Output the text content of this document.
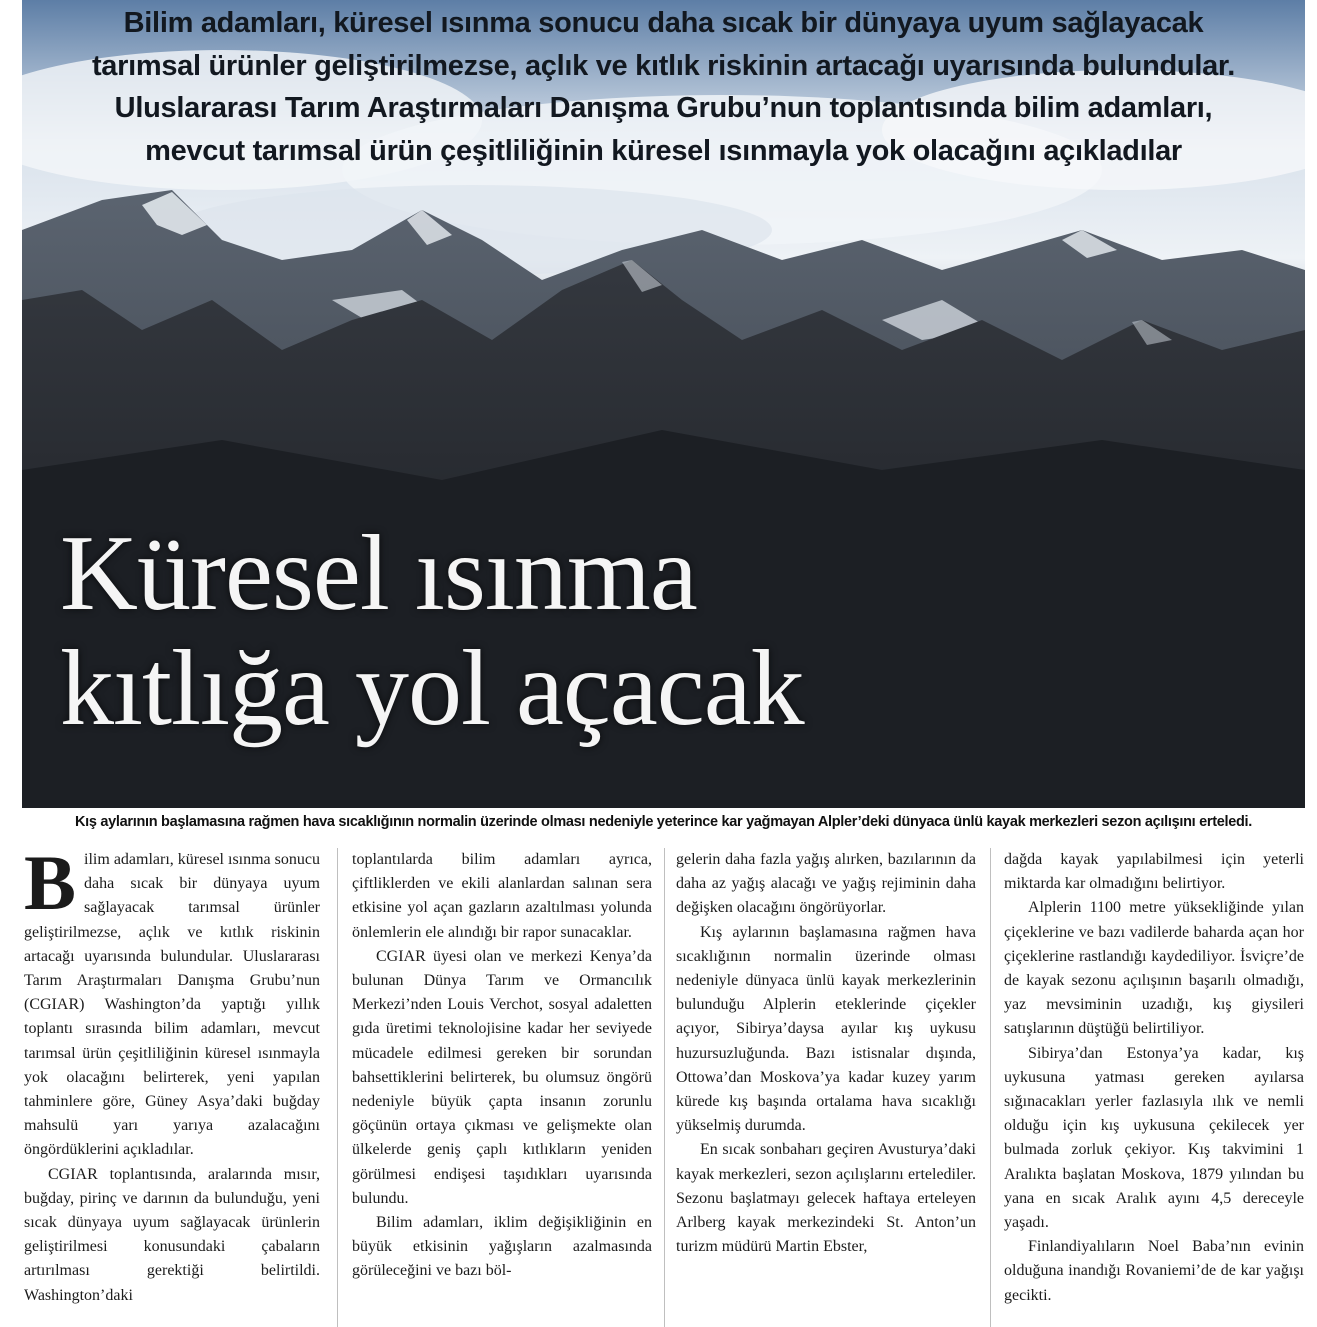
Bilim adamları, küresel ısınma sonucu daha sıcak bir dünyaya uyum sağlayacak
tarımsal ürünler geliştirilmezse, açlık ve kıtlık riskinin artacağı uyarısında bulundular.
Uluslararası Tarım Araştırmaları Danışma Grubu’nun toplantısında bilim adamları,
mevcut tarımsal ürün çeşitliliğinin küresel ısınmayla yok olacağını açıkladılar
Küresel ısınma
kıtlığa yol açacak
Kış aylarının başlamasına rağmen hava sıcaklığının normalin üzerinde olması nedeniyle yeterince kar yağmayan Alpler’deki dünyaca ünlü kayak merkezleri sezon açılışını erteledi.

Bilim adamları, küresel ısınma sonucu daha sıcak bir dünyaya uyum sağlayacak tarımsal ürünler geliştirilmezse, açlık ve kıtlık riskinin artacağı uyarısında bulundular. Uluslararası Tarım Araştırmaları Danışma Grubu’nun (CGIAR) Washington’da yaptığı yıllık toplantı sırasında bilim adamları, mevcut tarımsal ürün çeşitliliğinin küresel ısınmayla yok olacağını belirterek, yeni yapılan tahminlere göre, Güney Asya’daki buğday mahsulü yarı yarıya azalacağını öngördüklerini açıkladılar.

CGIAR toplantısında, aralarında mısır, buğday, pirinç ve darının da bulunduğu, yeni sıcak dünyaya uyum sağlayacak ürünlerin geliştirilmesi konusundaki çabaların artırılması gerektiği belirtildi. Washington’daki

toplantılarda bilim adamları ayrıca, çiftliklerden ve ekili alanlardan salınan sera etkisine yol açan gazların azaltılması yolunda önlemlerin ele alındığı bir rapor sunacaklar.

CGIAR üyesi olan ve merkezi Kenya’da bulunan Dünya Tarım ve Ormancılık Merkezi’nden Louis Verchot, sosyal adaletten gıda üretimi teknolojisine kadar her seviyede mücadele edilmesi gereken bir sorundan bahsettiklerini belirterek, bu olumsuz öngörü nedeniyle büyük çapta insanın zorunlu göçünün ortaya çıkması ve gelişmekte olan ülkelerde geniş çaplı kıtlıkların yeniden görülmesi endişesi taşıdıkları uyarısında bulundu.

Bilim adamları, iklim değişikliğinin en büyük etkisinin yağışların azalmasında görüleceğini ve bazı böl-

gelerin daha fazla yağış alırken, bazılarının da daha az yağış alacağı ve yağış rejiminin daha değişken olacağını öngörüyorlar.

Kış aylarının başlamasına rağmen hava sıcaklığının normalin üzerinde olması nedeniyle dünyaca ünlü kayak merkezlerinin bulunduğu Alplerin eteklerinde çiçekler açıyor, Sibirya’daysa ayılar kış uykusu huzursuzluğunda. Bazı istisnalar dışında, Ottowa’dan Moskova’ya kadar kuzey yarım kürede kış başında ortalama hava sıcaklığı yükselmiş durumda.

En sıcak sonbaharı geçiren Avusturya’daki kayak merkezleri, sezon açılışlarını ertelediler. Sezonu başlatmayı gelecek haftaya erteleyen Arlberg kayak merkezindeki St. Anton’un turizm müdürü Martin Ebster,

dağda kayak yapılabilmesi için yeterli miktarda kar olmadığını belirtiyor.

Alplerin 1100 metre yüksekliğinde yılan çiçeklerine ve bazı vadilerde baharda açan hor çiçeklerine rastlandığı kaydediliyor. İsviçre’de de kayak sezonu açılışının başarılı olmadığı, yaz mevsiminin uzadığı, kış giysileri satışlarının düştüğü belirtiliyor.

Sibirya’dan Estonya’ya kadar, kış uykusuna yatması gereken ayılarsa sığınacakları yerler fazlasıyla ılık ve nemli olduğu için kış uykusuna çekilecek yer bulmada zorluk çekiyor. Kış takvimini 1 Aralıkta başlatan Moskova, 1879 yılından bu yana en sıcak Aralık ayını 4,5 dereceyle yaşadı.

Finlandiyalıların Noel Baba’nın evinin olduğuna inandığı Rovaniemi’de de kar yağışı gecikti.
